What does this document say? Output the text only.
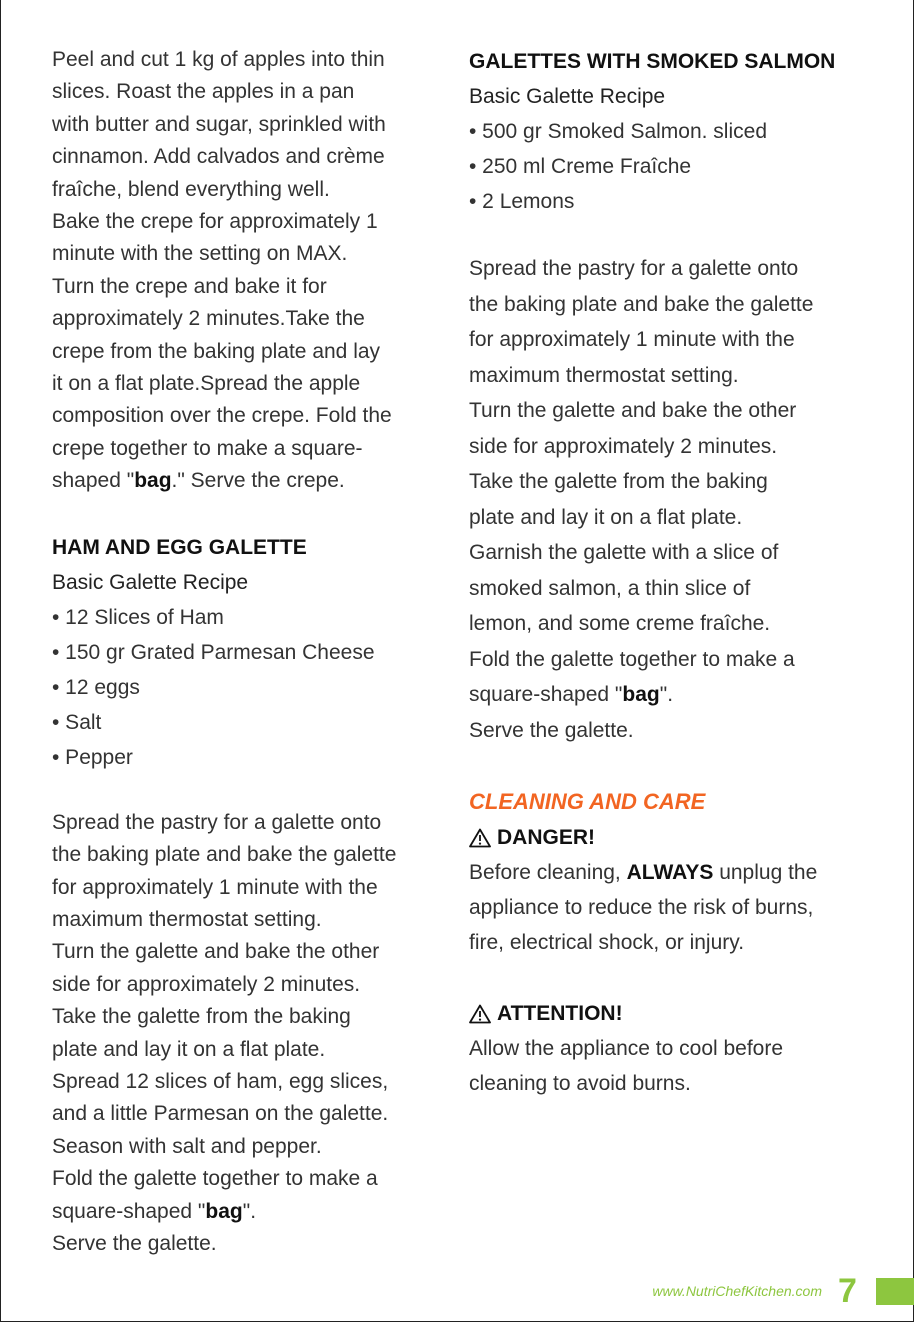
Peel and cut 1 kg of apples into thin
slices. Roast the apples in a pan
with butter and sugar, sprinkled with
cinnamon. Add calvados and crème
fraîche, blend everything well.
Bake the crepe for approximately 1
minute with the setting on MAX.
Turn the crepe and bake it for
approximately 2 minutes.Take the
crepe from the baking plate and lay
it on a flat plate.Spread the apple
composition over the crepe. Fold the
crepe together to make a square-
shaped "bag." Serve the crepe.
HAM AND EGG GALETTE
Basic Galette Recipe
• 12 Slices of Ham
• 150 gr Grated Parmesan Cheese
• 12 eggs
• Salt
• Pepper
Spread the pastry for a galette onto
the baking plate and bake the galette
for approximately 1 minute with the
maximum thermostat setting.
Turn the galette and bake the other
side for approximately 2 minutes.
Take the galette from the baking
plate and lay it on a flat plate.
Spread 12 slices of ham, egg slices,
and a little Parmesan on the galette.
Season with salt and pepper.
Fold the galette together to make a
square-shaped "bag".
Serve the galette.
GALETTES WITH SMOKED SALMON
Basic Galette Recipe
• 500 gr Smoked Salmon. sliced
• 250 ml Creme Fraîche
• 2 Lemons
Spread the pastry for a galette onto
the baking plate and bake the galette
for approximately 1 minute with the
maximum thermostat setting.
Turn the galette and bake the other
side for approximately 2 minutes.
Take the galette from the baking
plate and lay it on a flat plate.
Garnish the galette with a slice of
smoked salmon, a thin slice of
lemon, and some creme fraîche.
Fold the galette together to make a
square-shaped "bag".
Serve the galette.
CLEANING AND CARE
DANGER!
Before cleaning, ALWAYS unplug the
appliance to reduce the risk of burns,
fire, electrical shock, or injury.
ATTENTION!
Allow the appliance to cool before
cleaning to avoid burns.
www.NutriChefKitchen.com 7
